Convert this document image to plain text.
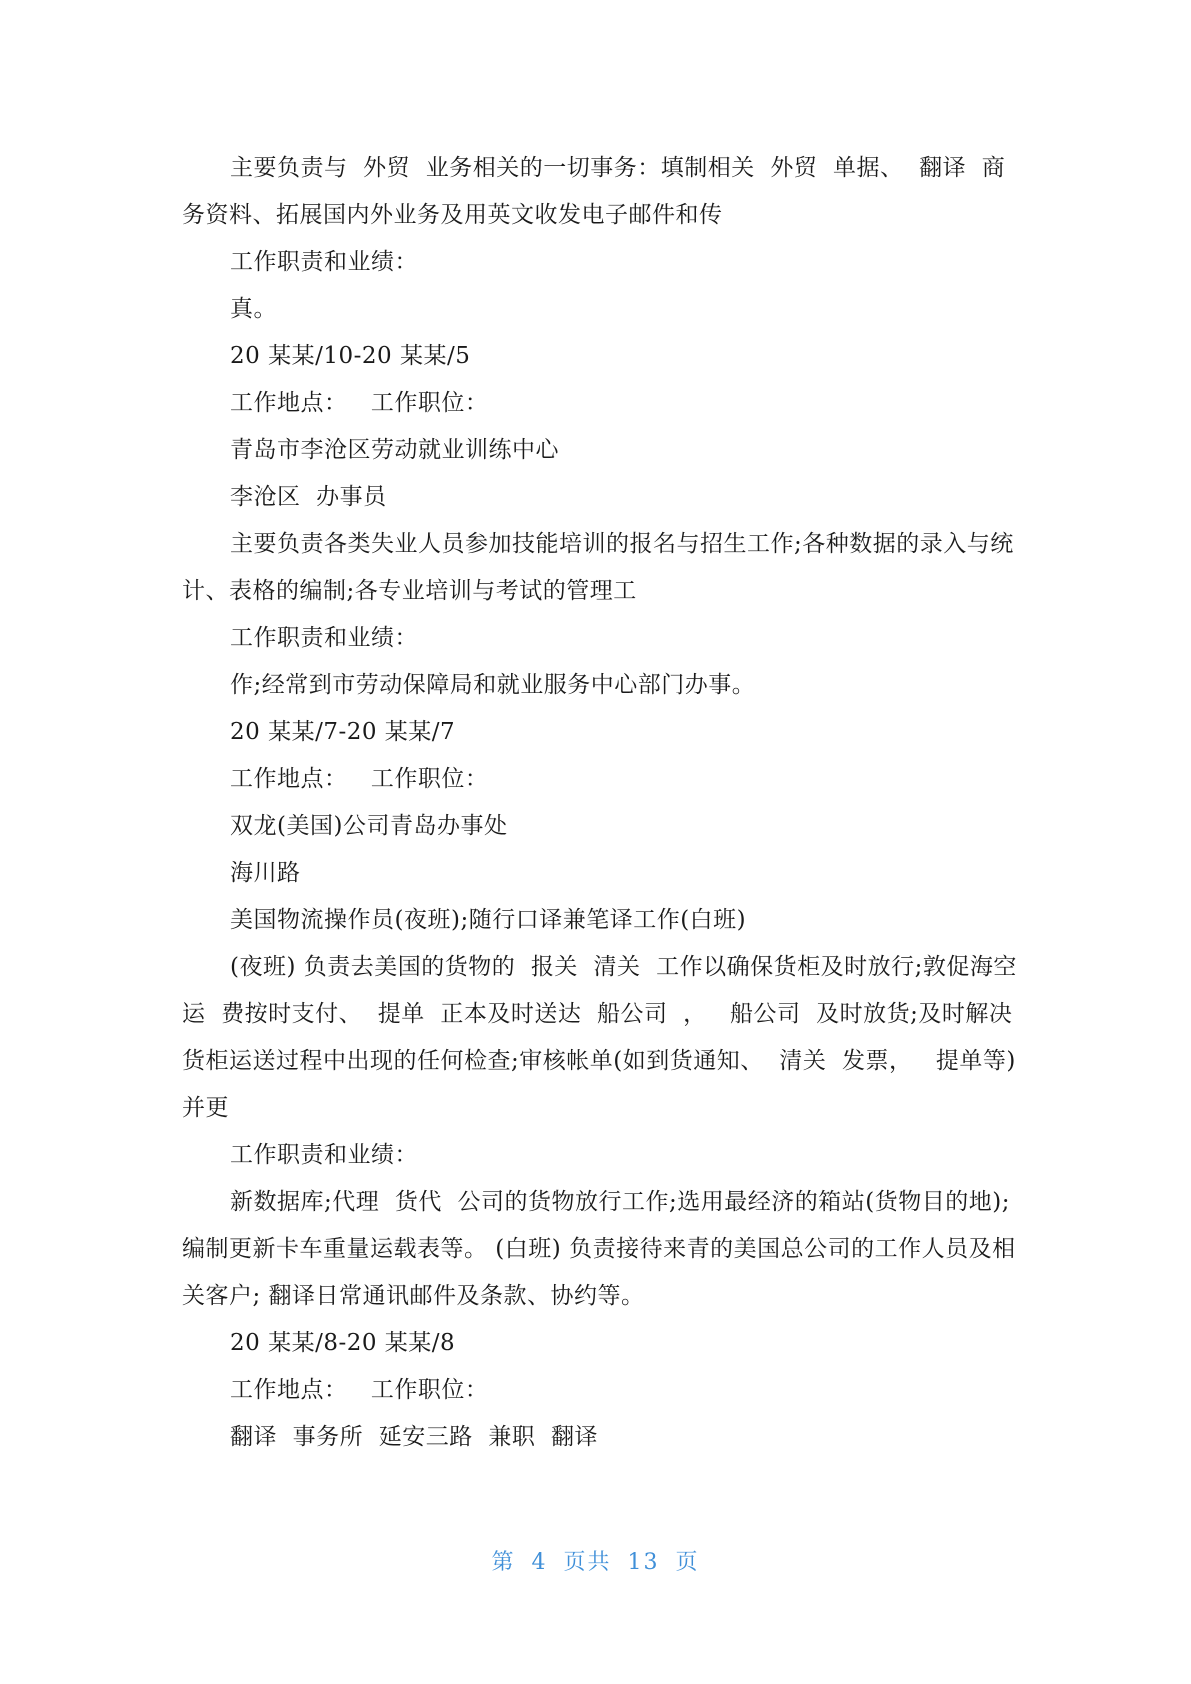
主要负责与  外贸  业务相关的一切事务：填制相关  外贸  单据、  翻译  商务资料、拓展国内外业务及用英文收发电子邮件和传

工作职责和业绩：

真。

20 某某/10-20 某某/5

工作地点：   工作职位：

青岛市李沧区劳动就业训练中心

李沧区  办事员

主要负责各类失业人员参加技能培训的报名与招生工作;各种数据的录入与统计、表格的编制;各专业培训与考试的管理工

工作职责和业绩：

作;经常到市劳动保障局和就业服务中心部门办事。

20 某某/7-20 某某/7

工作地点：   工作职位：

双龙(美国)公司青岛办事处

海川路

美国物流操作员(夜班);随行口译兼笔译工作(白班)

(夜班) 负责去美国的货物的  报关  清关  工作以确保货柜及时放行;敦促海空运  费按时支付、  提单  正本及时送达  船公司  ，   船公司  及时放货;及时解决货柜运送过程中出现的任何检查;审核帐单(如到货通知、  清关  发票，   提单等)并更

工作职责和业绩：

新数据库;代理  货代  公司的货物放行工作;选用最经济的箱站(货物目的地);编制更新卡车重量运载表等。 (白班) 负责接待来青的美国总公司的工作人员及相关客户; 翻译日常通讯邮件及条款、协约等。

20 某某/8-20 某某/8

工作地点：   工作职位：

翻译  事务所  延安三路  兼职  翻译

第 4 页共 13 页
